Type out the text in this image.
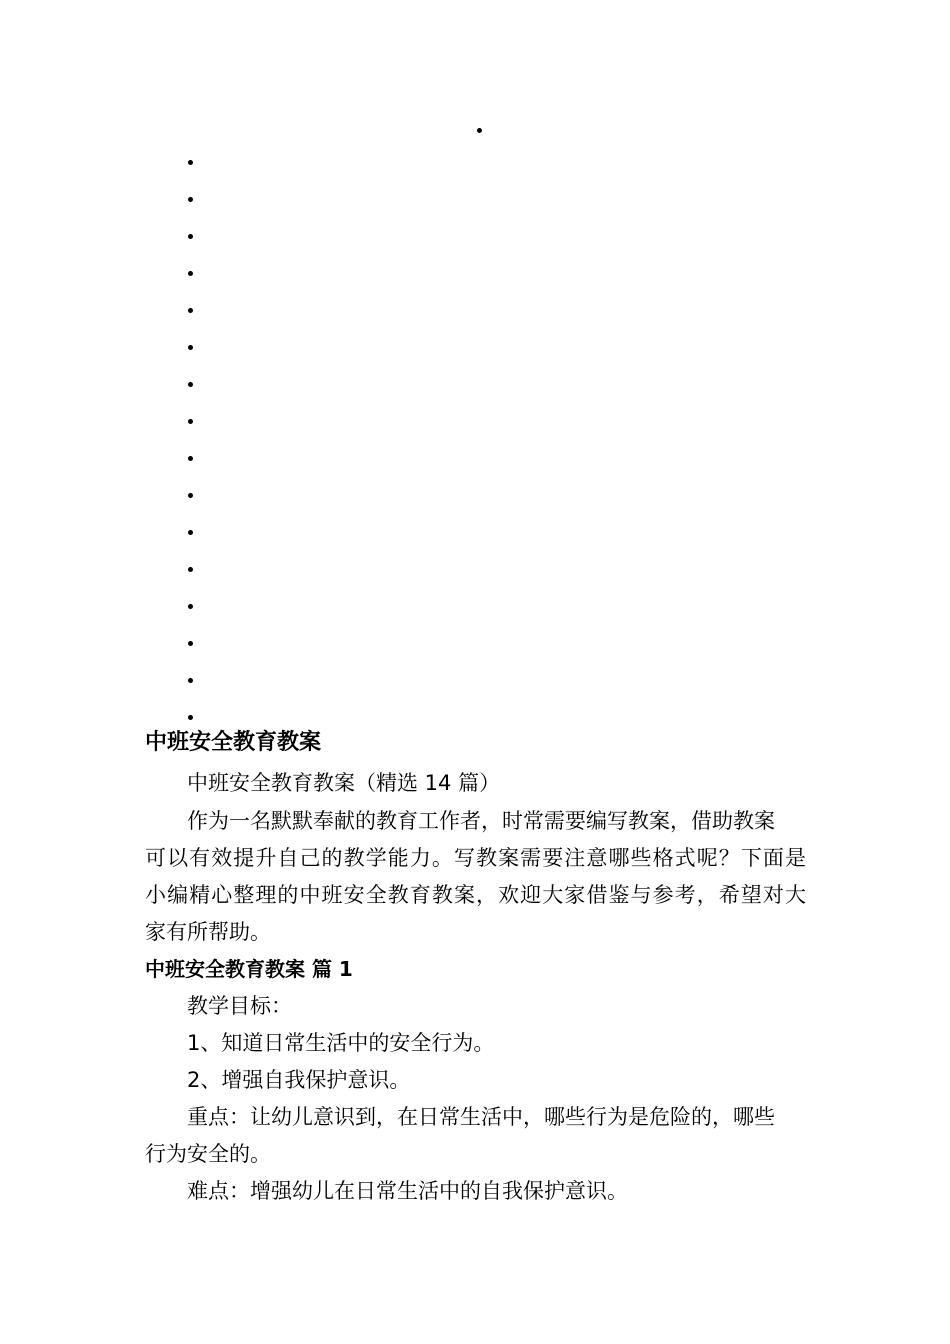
中班安全教育教案
中班安全教育教案（精选 14 篇）
作为一名默默奉献的教育工作者，时常需要编写教案，借助教案
可以有效提升自己的教学能力。写教案需要注意哪些格式呢？下面是
小编精心整理的中班安全教育教案，欢迎大家借鉴与参考，希望对大
家有所帮助。
中班安全教育教案 篇 1
教学目标：
1、知道日常生活中的安全行为。
2、增强自我保护意识。
重点：让幼儿意识到，在日常生活中，哪些行为是危险的，哪些
行为安全的。
难点：增强幼儿在日常生活中的自我保护意识。
